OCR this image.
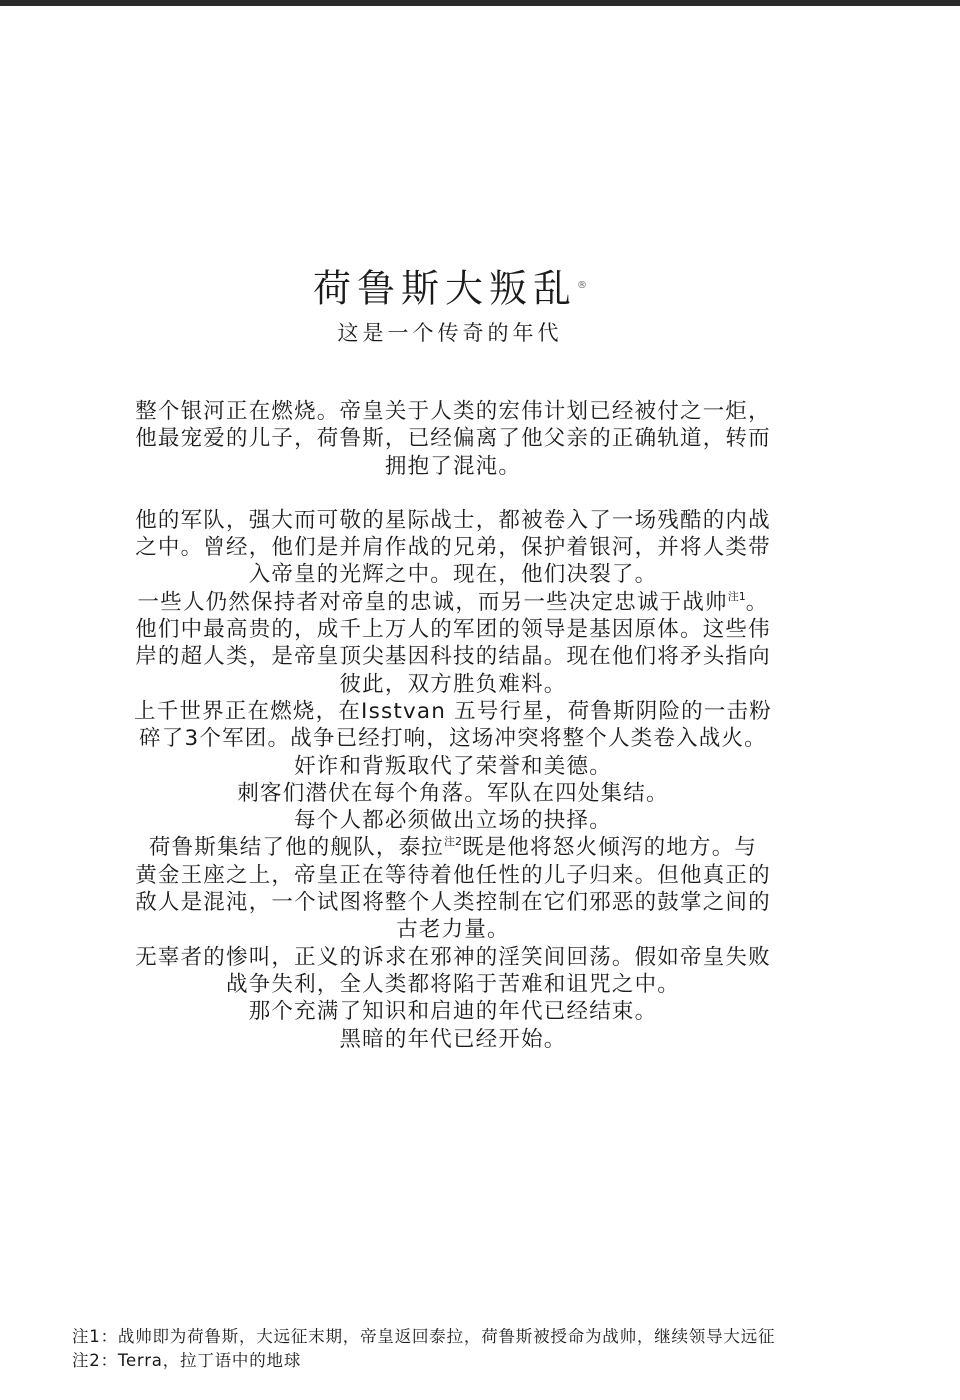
荷鲁斯大叛乱®

这是一个传奇的年代

整个银河正在燃烧。帝皇关于人类的宏伟计划已经被付之一炬，
他最宠爱的儿子，荷鲁斯，已经偏离了他父亲的正确轨道，转而
拥抱了混沌。
他的军队，强大而可敬的星际战士，都被卷入了一场残酷的内战
之中。曾经，他们是并肩作战的兄弟，保护着银河，并将人类带
入帝皇的光辉之中。现在，他们决裂了。
一些人仍然保持者对帝皇的忠诚，而另一些决定忠诚于战帅$^{注1}$。
他们中最高贵的，成千上万人的军团的领导是基因原体。这些伟
岸的超人类，是帝皇顶尖基因科技的结晶。现在他们将矛头指向
彼此，双方胜负难料。
上千世界正在燃烧，在Isstvan 五号行星，荷鲁斯阴险的一击粉
碎了3个军团。战争已经打响，这场冲突将整个人类卷入战火。
奸诈和背叛取代了荣誉和美德。
刺客们潜伏在每个角落。军队在四处集结。
每个人都必须做出立场的抉择。
荷鲁斯集结了他的舰队，泰拉$^{注2}$既是他将怒火倾泻的地方。与
黄金王座之上，帝皇正在等待着他任性的儿子归来。但他真正的
敌人是混沌，一个试图将整个人类控制在它们邪恶的鼓掌之间的
古老力量。
无辜者的惨叫，正义的诉求在邪神的淫笑间回荡。假如帝皇失败
战争失利，全人类都将陷于苦难和诅咒之中。
那个充满了知识和启迪的年代已经结束。
黑暗的年代已经开始。
注1：战帅即为荷鲁斯，大远征末期，帝皇返回泰拉，荷鲁斯被授命为战帅，继续领导大远征
注2：Terra，拉丁语中的地球
